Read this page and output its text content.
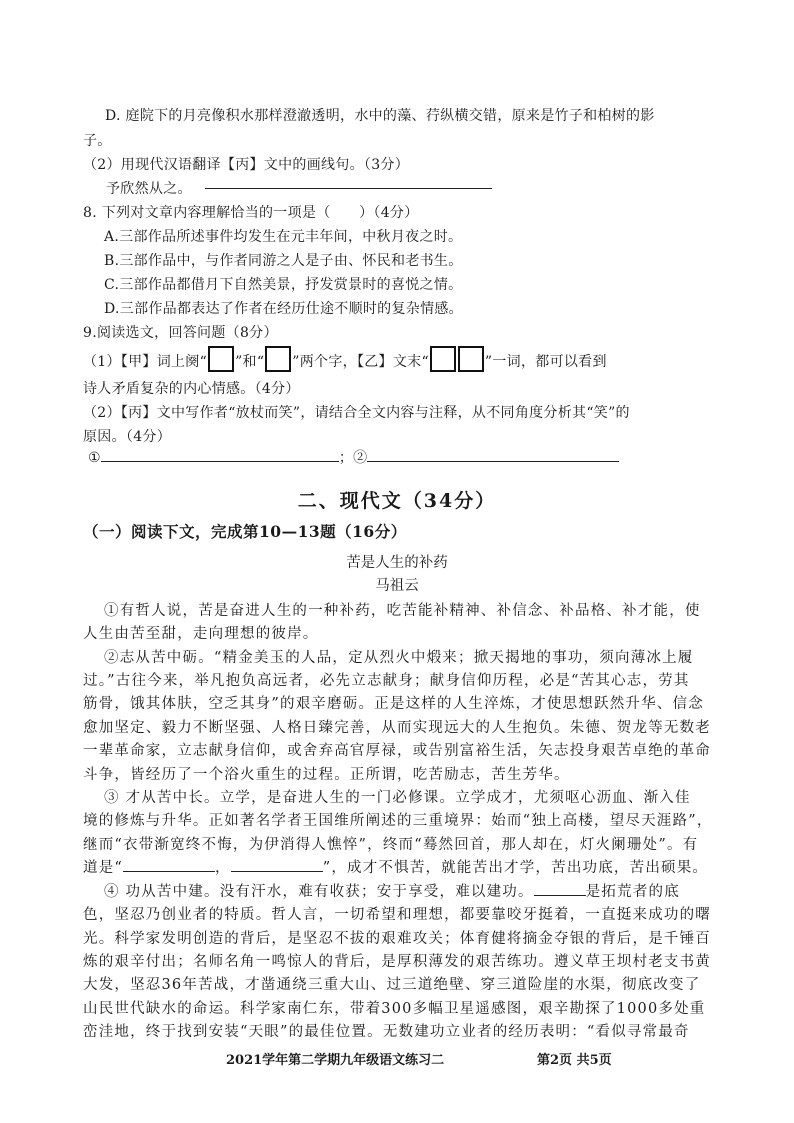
D. 庭院下的月亮像积水那样澄澈透明，水中的藻、荇纵横交错，原来是竹子和柏树的影
子。
（2）用现代汉语翻译【丙】文中的画线句。（3分）
予欣然从之。
8. 下列对文章内容理解恰当的一项是（　　）（4分）
A.三部作品所述事件均发生在元丰年间，中秋月夜之时。
B.三部作品中，与作者同游之人是子由、怀民和老书生。
C.三部作品都借月下自然美景，抒发赏景时的喜悦之情。
D.三部作品都表达了作者在经历仕途不顺时的复杂情感。
9.阅读选文，回答问题（8分）
（1）【甲】词上阕“ ”和“ ”两个字，【乙】文末“	”一词，都可以看到
诗人矛盾复杂的内心情感。（4分）
（2）【丙】文中写作者“放杖而笑”，请结合全文内容与注释，从不同角度分析其“笑”的
原因。（4分）
①	；②
二、现代文（34分）
（一）阅读下文，完成第10—13题（16分）
苦是人生的补药
马祖云
①有哲人说，苦是奋进人生的一种补药，吃苦能补精神、补信念、补品格、补才能，使
人生由苦至甜，走向理想的彼岸。
②志从苦中砺。“精金美玉的人品，定从烈火中煅来；掀天揭地的事功，须向薄冰上履
过。”古往今来，举凡抱负高远者，必先立志献身；献身信仰历程，必是“苦其心志，劳其
筋骨，饿其体肤，空乏其身”的艰辛磨砺。正是这样的人生淬炼，才使思想跃然升华、信念
愈加坚定、毅力不断坚强、人格日臻完善，从而实现远大的人生抱负。朱德、贺龙等无数老
一辈革命家，立志献身信仰，或舍弃高官厚禄，或告别富裕生活，矢志投身艰苦卓绝的革命
斗争，皆经历了一个浴火重生的过程。正所谓，吃苦励志，苦生芳华。
③ 才从苦中长。立学，是奋进人生的一门必修课。立学成才，尤须呕心沥血、渐入佳
境的修炼与升华。正如著名学者王国维所阐述的三重境界：始而“独上高楼，望尽天涯路”，
继而“衣带渐宽终不悔，为伊消得人憔悴”，终而“蓦然回首，那人却在，灯火阑珊处”。有
道是“	，	”，成才不惧苦，就能苦出才学，苦出功底，苦出硕果。
④ 功从苦中建。没有汗水，难有收获；安于享受，难以建功。	是拓荒者的底
色，坚忍乃创业者的特质。哲人言，一切希望和理想，都要靠咬牙挺着，一直挺来成功的曙
光。科学家发明创造的背后，是坚忍不拔的艰难攻关；体育健将摘金夺银的背后，是千锤百
炼的艰辛付出；名师名角一鸣惊人的背后，是厚积薄发的艰苦练功。遵义草王坝村老支书黄
大发，坚忍36年苦战，才凿通绕三重大山、过三道绝壁、穿三道险崖的水渠，彻底改变了
山民世代缺水的命运。科学家南仁东，带着300多幅卫星遥感图，艰辛勘探了1000多处重
峦洼地，终于找到安装“天眼”的最佳位置。无数建功立业者的经历表明：“看似寻常最奇
2021学年第二学期九年级语文练习二	第2页 共5页
